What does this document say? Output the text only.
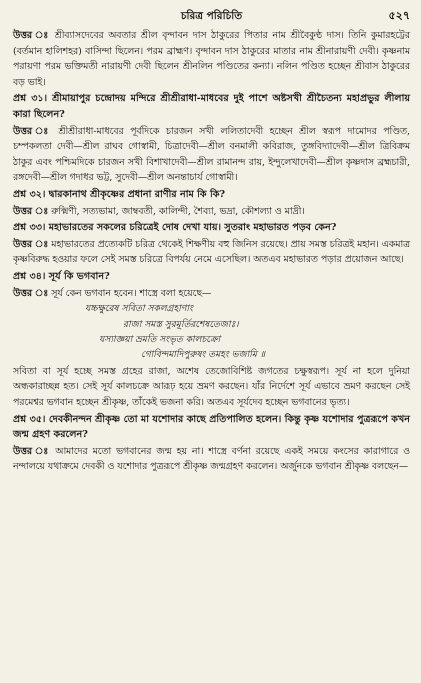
চরিত্র পরিচিতি	৫২৭

উত্তর ঃ শ্রীব্যাসদেবের অবতার শ্রীল বৃন্দাবন দাস ঠাকুরের পিতার নাম শ্রীবৈকুণ্ঠ দাস। তিনি কুমারহট্টের (বর্তমান হালিশহর) বাসিন্দা ছিলেন। পরম ব্রাহ্মণ। বৃন্দাবন দাস ঠাকুরের মাতার নাম শ্রীনারায়ণী দেবী। কৃষ্ণনাম পরায়ণা পরম ভক্তিমতী নারায়ণী দেবী ছিলেন শ্রীনলিন পণ্ডিতের কন্যা। নলিন পণ্ডিত হচ্ছেন শ্রীবাস ঠাকুরের বড় ভাই।

প্রশ্ন ৩১। শ্রীমায়াপুর চন্দ্রোদয় মন্দিরে শ্রীশ্রীরাধা-মাধবের দুই পাশে অষ্টসখী শ্রীচৈতন্য মহাপ্রভুর লীলায় কারা ছিলেন?

উত্তর ঃ শ্রীশ্রীরাধা-মাধবের পূর্বদিকে চারজন সখী ললিতাদেবী হচ্ছেন শ্রীল স্বরূপ দামোদর পণ্ডিত, চম্পকলতা দেবী—শ্রীল রাঘব গোস্বামী, চিত্রাদেবী—শ্রীল বনমালী কবিরাজ, তুঙ্গবিদ্যাদেবী—শ্রীল ত্রিবিক্রম ঠাকুর এবং পশ্চিমদিকে চারজন সখী বিশাখাদেবী—শ্রীল রামানন্দ রায়, ইন্দুলেখাদেবী—শ্রীল কৃষ্ণদাস ব্রহ্মচারী, রঙ্গদেবী—শ্রীল গদাধর ভট্ট, সুদেবী—শ্রীল অনন্তাচার্য গোস্বামী।

প্রশ্ন ৩২। দ্বারকানাথ শ্রীকৃষ্ণের প্রধানা রাণীর নাম কি কি?

উত্তর ঃ রুক্মিণী, সত্যভামা, জাম্ববতী, কালিন্দী, শৈব্যা, ভদ্রা, কৌশল্যা ও মাদ্রী।

প্রশ্ন ৩৩। মহাভারতের সকলের চরিত্রেই দোষ দেখা যায়। সুতরাং মহাভারত পড়ব কেন?

উত্তর ঃ মহাভারতের প্রত্যেকটি চরিত্র থেকেই শিক্ষণীয় বহু জিনিস রয়েছে। প্রায় সমস্ত চরিত্রই মহান। একমাত্র কৃষ্ণবিরুদ্ধ হওয়ার ফলে সেই সমস্ত চরিত্রে বিপর্যয় নেমে এসেছিল। অতএব মহাভারত পড়ার প্রয়োজন আছে।

প্রশ্ন ৩৪। সূর্য কি ভগবান?

উত্তর ঃ সূর্য কেন ভগবান হবেন। শাস্ত্রে বলা হয়েছে—

যচ্চক্ষুরেষ সবিতা সকলগ্রহাণাং

রাজা সমস্ত সুরমূর্তিরশেষতেজাঃ।

যস্যাজ্ঞয়া ভ্রমতি সংভৃত কালচক্রো

গোবিন্দমাদিপুরুষং তমহং ভজামি ॥

সবিতা বা সূর্য হচ্ছে সমস্ত গ্রহের রাজা, অশেষ তেজোবিশিষ্ট জগতের চক্ষুস্বরূপ। সূর্য না হলে দুনিয়া অন্ধকারাচ্ছন্ন হত। সেই সূর্য কালচক্রে আরূঢ় হয়ে ভ্রমণ করছেন। যাঁর নির্দেশে সূর্য এভাবে ভ্রমণ করছেন সেই পরমেশ্বর ভগবান হচ্ছেন শ্রীকৃষ্ণ, তাঁকেই ভজনা করি। অতএব সূর্যদেব হচ্ছেন ভগবানের ভৃত্য।

প্রশ্ন ৩৫। দেবকীনন্দন শ্রীকৃষ্ণ তো মা যশোদার কাছে প্রতিপালিত হলেন। কিন্তু কৃষ্ণ যশোদার পুত্ররূপে কখন জন্ম গ্রহণ করলেন?

উত্তর ঃ আমাদের মতো ভগবানের জন্ম হয় না। শাস্ত্রে বর্ণনা রয়েছে একই সময়ে কংসের কারাগারে ও নন্দালয়ে যথাক্রমে দেবকী ও যশোদার পুত্ররূপে শ্রীকৃষ্ণ জন্মগ্রহণ করলেন। অর্জুনকে ভগবান শ্রীকৃষ্ণ বলছেন—
